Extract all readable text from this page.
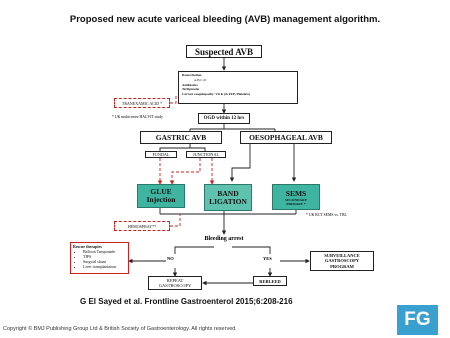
Proposed new acute variceal bleeding (AVB) management algorithm.
Suspected AVB
Resuscitation
A,B,C,D
Antibiotics
Terlipressin
Correct coagulopathy: Vit K (& FFP, Platelets)
TRANEXAMIC ACID *
* UK multicentre HALT-IT study	OGD within 12 hrs
GASTRIC AVB	OESOPHAGEAL AVB
FUNDAL	JUNCTIONAL
GLUE Injection
BAND LIGATION
SEMS
SECONDARY
PRIMARY *
* UK RCT SEMS vs. TBL
HEMOSPRAY**
Bleeding arrest
NO	YES
Rescue therapies
• Balloon Tamponade
• TIPS
• Surgical shunt
• Liver transplantation
SURVEILLANCE GASTROSCOPY PROGRAM
REPEAT GASTROSCOPY
REBLEED
G El Sayed et al. Frontline Gastroenterol 2015;6:208-216
Copyright © BMJ Publishing Group Ltd & British Society of Gastroenterology. All rights reserved.	FG
